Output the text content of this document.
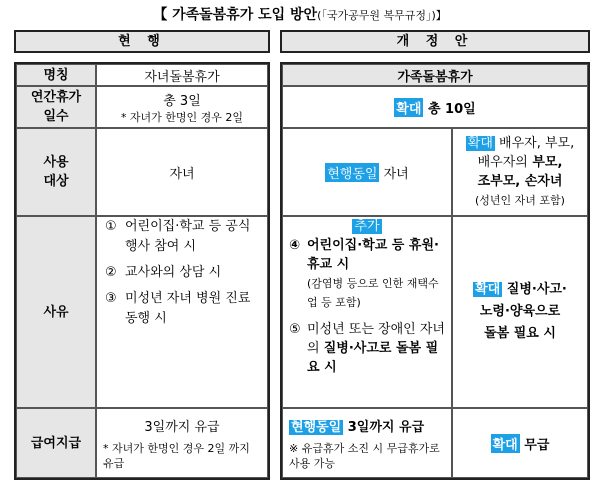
【 가족돌봄휴가 도입 방안(「국가공무원 복무규정」)】
현 행
명칭

연간휴가

일수

사용

대상

사유
급여지급
자녀돌봄휴가

총 3일

* 자녀가 한명인 경우 2일

자녀

① 어린이집·학교 등 공식행사 참여 시

② 교사와의 상담 시

③ 미성년 자녀 병원 진료 동행 시

3일까지 유급

* 자녀가 한명인 경우 2일 까지 유급

개 정 안
가족돌봄휴가
확대 총 10일
현행동일 자녀

확대 배우자, 부모,

배우자의 부모,

조부모, 손자녀

(성년인 자녀 포함)

추가

④ 어린이집·학교 등 휴원·휴교 시

(감염병 등으로 인한 재택수업 등 포함)

⑤ 미성년 또는 장애인 자녀의 질병·사고로 돌봄 필요 시

확대 질병·사고·

노령·양육으로

돌봄 필요 시

현행동일 3일까지 유급

※ 유급휴가 소진 시 무급휴가로 사용 가능

확대 무급
